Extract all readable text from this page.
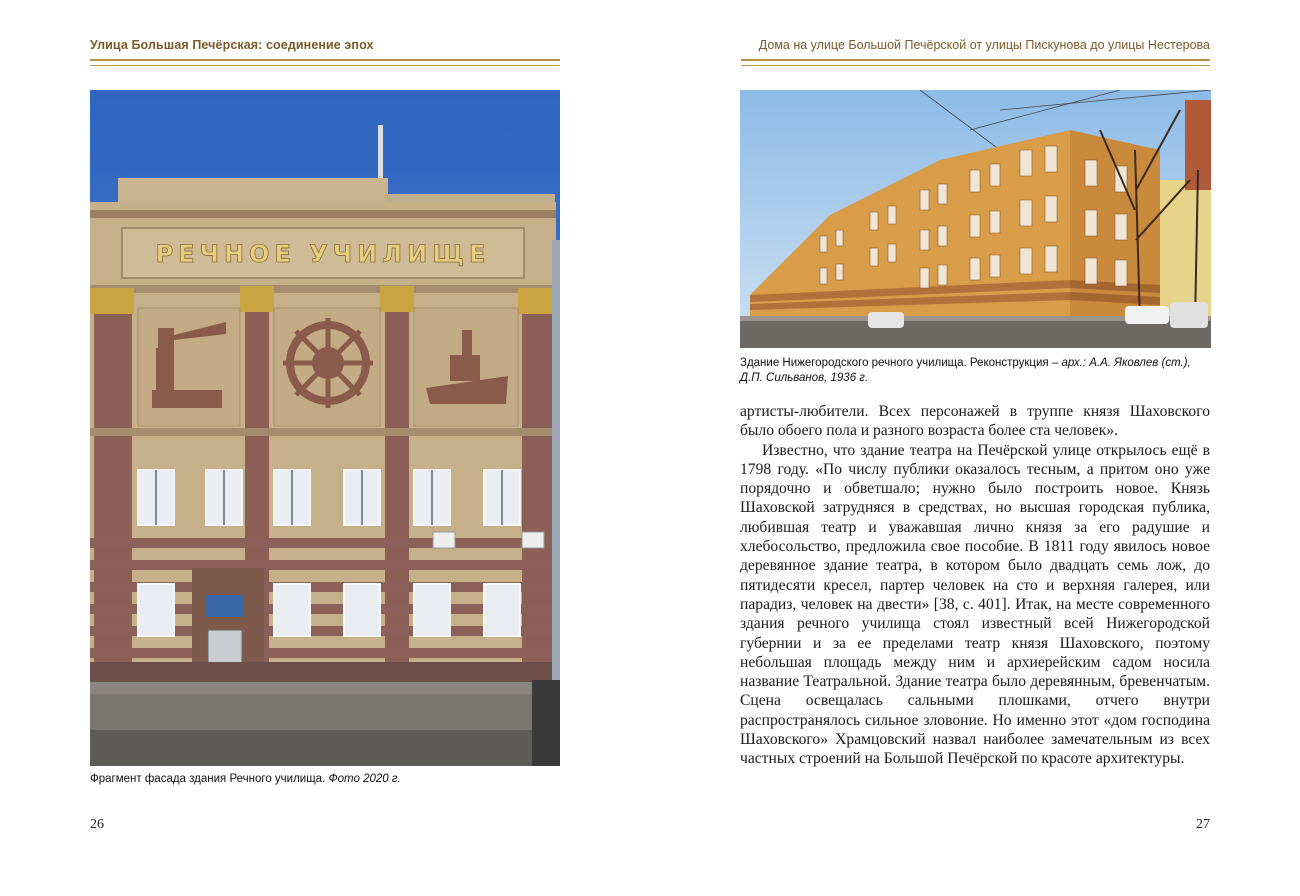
Улица Большая Печёрская: соединение эпох
РЕЧНОЕ УЧИЛИЩЕ
Фрагмент фасада здания Речного училища. Фото 2020 г.
26
Дома на улице Большой Печёрской от улицы Пискунова до улицы Нестерова
Здание Нижегородского речного училища. Реконструкция – арх.: А.А. Яковлев (ст.), Д.П. Сильванов, 1936 г.

артисты-любители. Всех персонажей в труппе князя Шаховского было обоего пола и разного возраста более ста человек».

Известно, что здание театра на Печёрской улице открылось ещё в 1798 году. «По числу публики оказалось тесным, а притом оно уже порядочно и обветшало; нужно было построить новое. Князь Шаховской затрудняся в средствах, но высшая городская публика, любившая театр и уважавшая лично князя за его радушие и хлебосольство, предложила свое пособие. В 1811 году явилось новое деревянное здание театра, в котором было двадцать семь лож, до пятидесяти кресел, партер человек на сто и верхняя галерея, или парадиз, человек на двести» [38, с. 401]. Итак, на месте современного здания речного училища стоял известный всей Нижегородской губернии и за ее пределами театр князя Шаховского, поэтому небольшая площадь между ним и архиерейским садом носила название Театральной. Здание театра было деревянным, бревенчатым. Сцена освещалась сальными плошками, отчего внутри распространялось сильное зловоние. Но именно этот «дом господина Шаховского» Храмцовский назвал наиболее замечательным из всех частных строений на Большой Печёрской по красоте архитектуры.

27
